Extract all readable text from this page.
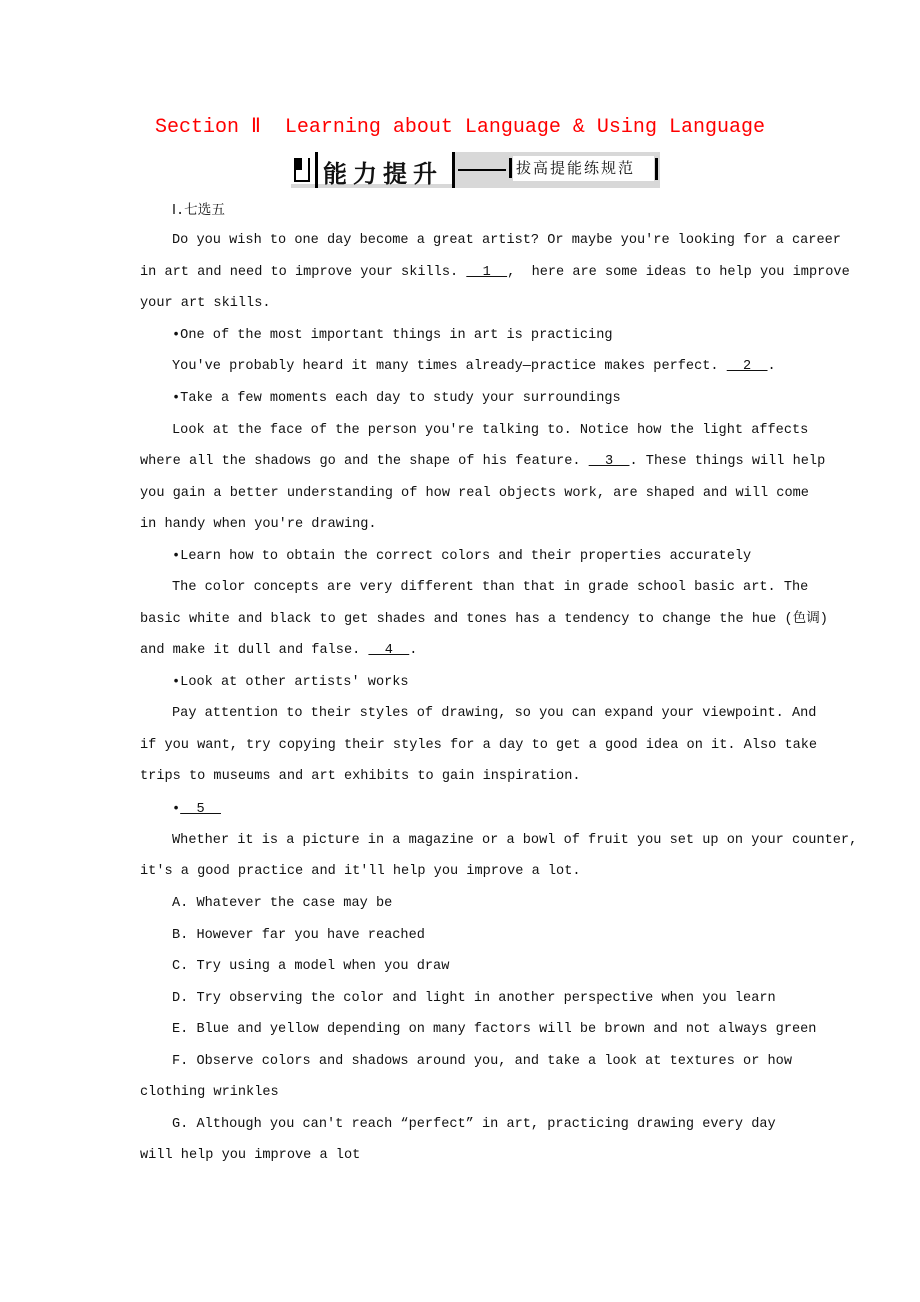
Section Ⅱ  Learning about Language & Using Language
能力提升	拔高提能练规范
Ⅰ.七选五
Do you wish to one day become a great artist? Or maybe you're looking for a career
in art and need to improve your skills.   1  ,  here are some ideas to help you improve
your art skills.
•One of the most important things in art is practicing
You've probably heard it many times already—practice makes perfect.   2  .
•Take a few moments each day to study your surroundings
Look at the face of the person you're talking to. Notice how the light affects
where all the shadows go and the shape of his feature.   3  . These things will help
you gain a better understanding of how real objects work, are shaped and will come
in handy when you're drawing.
•Learn how to obtain the correct colors and their properties accurately
The color concepts are very different than that in grade school basic art. The
basic white and black to get shades and tones has a tendency to change the hue (色调)
and make it dull and false.   4  .
•Look at other artists' works
Pay attention to their styles of drawing, so you can expand your viewpoint. And
if you want, try copying their styles for a day to get a good idea on it. Also take
trips to museums and art exhibits to gain inspiration.
•  5
Whether it is a picture in a magazine or a bowl of fruit you set up on your counter,
it's a good practice and it'll help you improve a lot.
A. Whatever the case may be
B. However far you have reached
C. Try using a model when you draw
D. Try observing the color and light in another perspective when you learn
E. Blue and yellow depending on many factors will be brown and not always green
F. Observe colors and shadows around you, and take a look at textures or how
clothing wrinkles
G. Although you can't reach “perfect” in art, practicing drawing every day
will help you improve a lot
